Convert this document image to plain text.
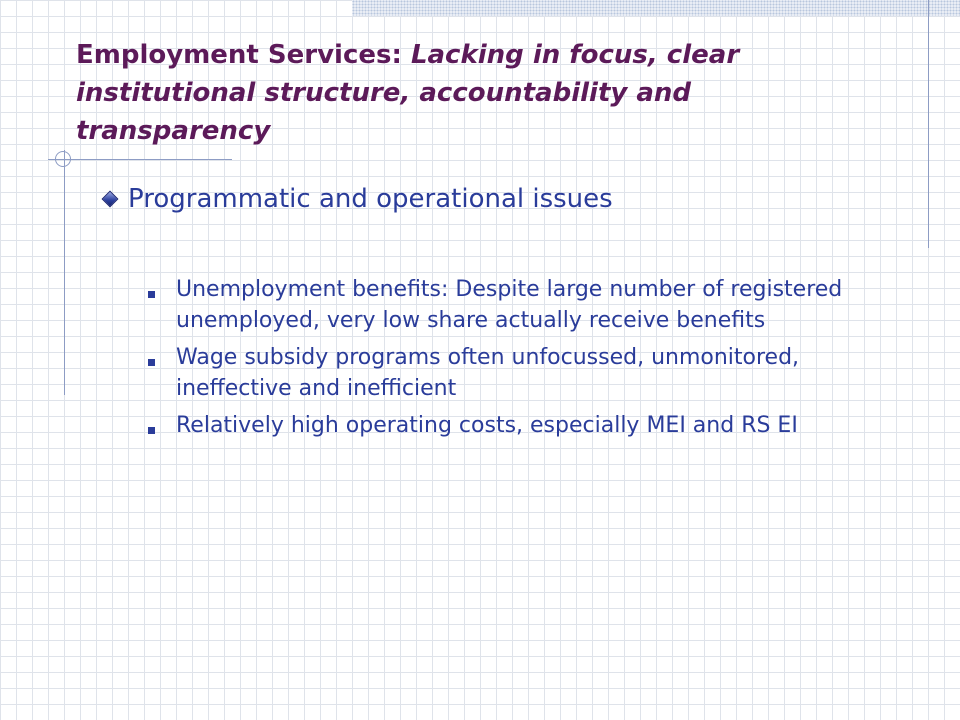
Employment Services: Lacking in focus, clear institutional structure, accountability and transparency
Programmatic and operational issues
Unemployment benefits: Despite large number of registered unemployed, very low share actually receive benefits
Wage subsidy programs often unfocussed, unmonitored, ineffective and inefficient
Relatively high operating costs, especially MEI and RS EI
